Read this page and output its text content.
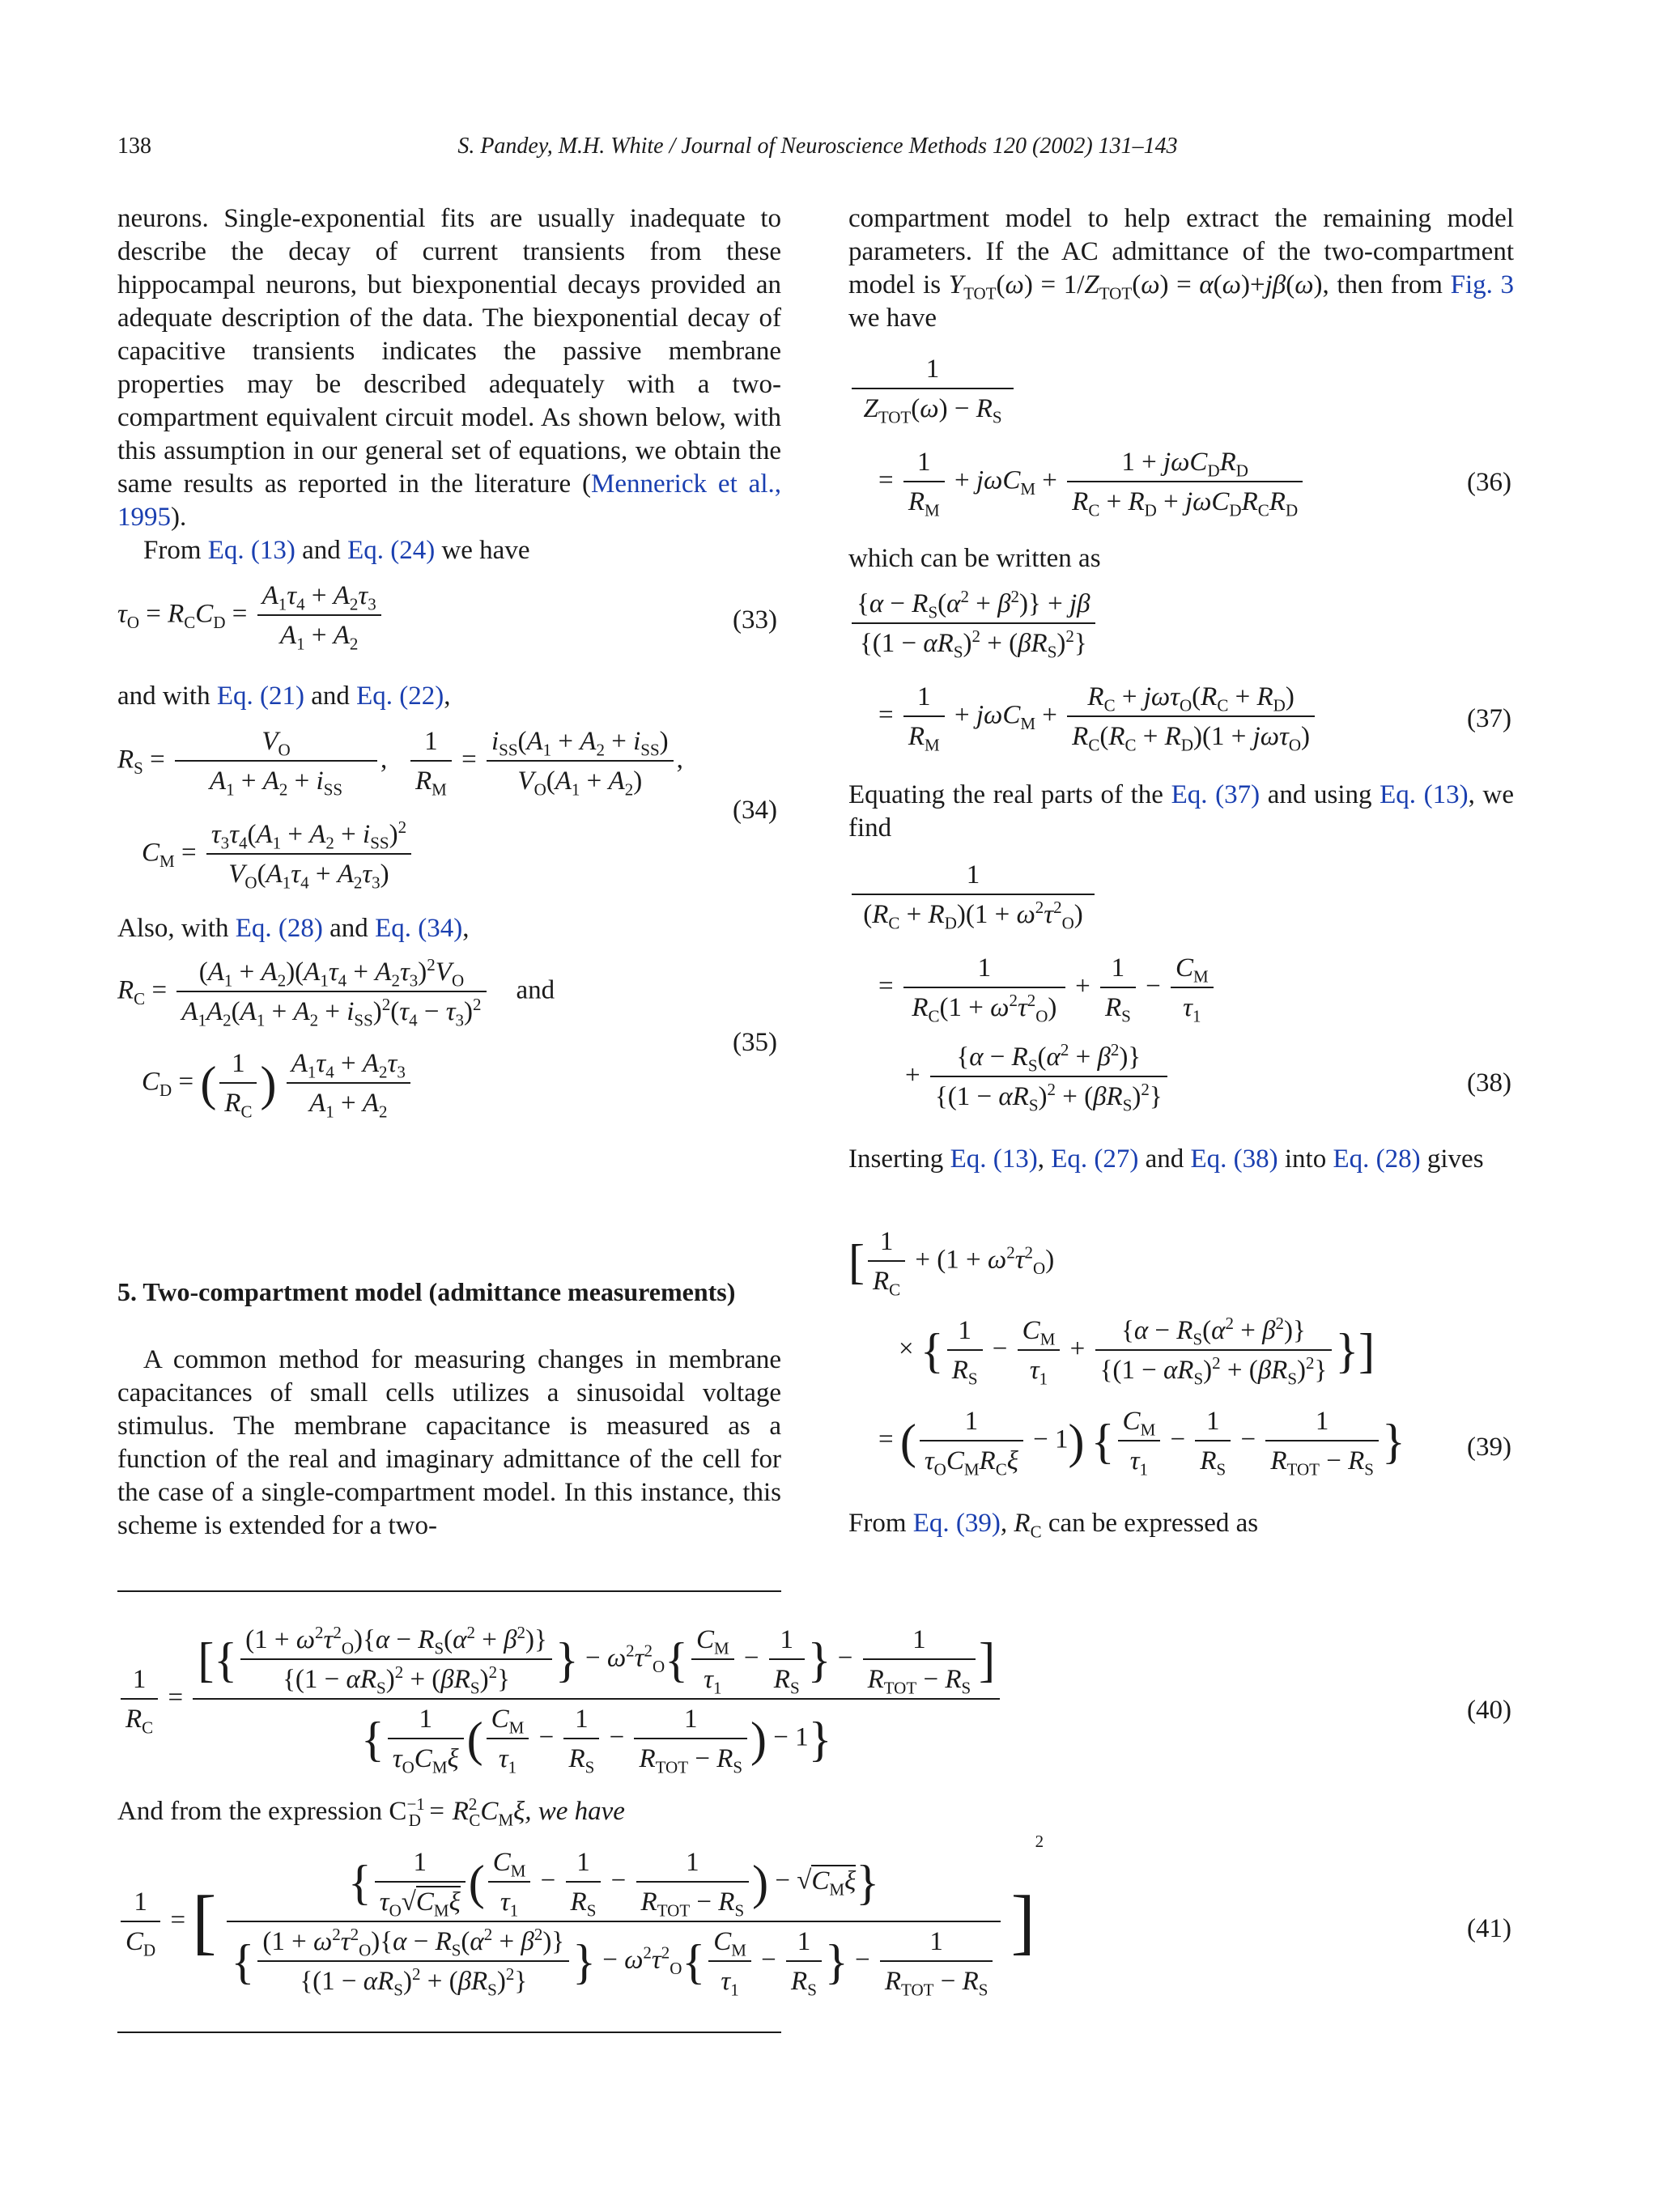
138	S. Pandey, M.H. White / Journal of Neuroscience Methods 120 (2002) 131–143

neurons. Single-exponential fits are usually inadequate to describe the decay of current transients from these hippocampal neurons, but biexponential decays provided an adequate description of the data. The biexponential decay of capacitive transients indicates the passive membrane properties may be described adequately with a two-compartment equivalent circuit model. As shown below, with this assumption in our general set of equations, we obtain the same results as reported in the literature (Mennerick et al., 1995).

From Eq. (13) and Eq. (24) we have
$\tau_O = R_CC_D = \frac{A_1\tau_4 + A_2\tau_3}{A_1 + A_2}$	(33)
and with Eq. (21) and Eq. (22),
$R_S = \frac{V_O}{A_1 + A_2 + i_{SS}}$ , $\frac{1}{R_M} = \frac{i_{SS}(A_1 + A_2 + i_{SS})}{V_O(A_1 + A_2)}$ ,
$C_M = \frac{\tau_3\tau_4(A_1 + A_2 + i_{SS})^2}{V_O(A_1\tau_4 + A_2\tau_3)}$
(34)
Also, with Eq. (28) and Eq. (34),
$R_C = \frac{(A_1 + A_2)(A_1\tau_4 + A_2\tau_3)^2V_O}{A_1A_2(A_1 + A_2 + i_{SS})^2(\tau_4 - \tau_3)^2}$ and
$C_D$ = ( $\frac{1}{R_C}$ ) $\frac{A_1\tau_4 + A_2\tau_3}{A_1 + A_2}$
(35)
5. Two-compartment model (admittance measurements)
A common method for measuring changes in membrane capacitances of small cells utilizes a sinusoidal voltage stimulus. The membrane capacitance is measured as a function of the real and imaginary admittance of the cell for the case of a single-compartment model. In this instance, this scheme is extended for a two-
compartment model to help extract the remaining model parameters. If the AC admittance of the two-compartment model is $Y_{TOT}(\omega) = 1/Z_{TOT}(\omega) = \alpha(\omega)+j\beta(\omega)$, then from Fig. 3 we have
$\frac{1}{Z_{TOT}(\omega) - R_S}$
= $\frac{1}{R_M} + j\omega C_M + \frac{1 + j\omega C_DR_D}{R_C + R_D + j\omega C_DR_CR_D}$	(36)
which can be written as
$\frac{\{\alpha - R_S(\alpha^2 + \beta^2)\} + j\beta}{\{(1 - \alpha R_S)^2 + (\beta R_S)^2\}}$
= $\frac{1}{R_M} + j\omega C_M + \frac{R_C + j\omega\tau_O(R_C + R_D)}{R_C(R_C + R_D)(1 + j\omega\tau_O)}$	(37)
Equating the real parts of the Eq. (37) and using Eq. (13), we find
$\frac{1}{(R_C + R_D)(1 + \omega^2\tau^2_O)}$
= $\frac{1}{R_C(1 + \omega^2\tau^2_O)} + \frac{1}{R_S} - \frac{C_M}{\tau_1}$
+ $\frac{\{\alpha - R_S(\alpha^2 + \beta^2)\}}{\{(1 - \alpha R_S)^2 + (\beta R_S)^2\}}$	(38)
Inserting Eq. (13), Eq. (27) and Eq. (38) into Eq. (28) gives
[ $\frac{1}{R_C} + (1 + \omega^2\tau^2_O)$
× { $\frac{1}{R_S} - \frac{C_M}{\tau_1} + \frac{\{\alpha - R_S(\alpha^2 + \beta^2)\}}{\{(1 - \alpha R_S)^2 + (\beta R_S)^2\}}$ }]
= ( $\frac{1}{\tau_OC_MR_C\xi} - 1$) { $\frac{C_M}{\tau_1} - \frac{1}{R_S} - \frac{1}{R_{TOT} - R_S}$ } (39)
From Eq. (39), $R_C$ can be expressed as
$\frac{1}{R_C}$ =
[{ $\frac{(1 + \omega^2\tau^2_O)\{\alpha - R_S(\alpha^2 + \beta^2)\}}{\{(1 - \alpha R_S)^2 + (\beta R_S)^2\}}$ } − $\omega^2\tau^2_O\{ \frac{C_M}{\tau_1} - \frac{1}{R_S}$ } − $\frac{1}{R_{TOT} - R_S}$ ]
{ $\frac{1}{\tau_OC_M\xi}$ ( $\frac{C_M}{\tau_1} - \frac{1}{R_S} - \frac{1}{R_{TOT} - R_S}$ ) − 1}
(40)
And from the expression $C^{-1}_D = R^2_CC_M\xi$, we have
$\frac{1}{C_D}$ = [	{ $\frac{1}{\tau_O√C_M\xi}$ ( $\frac{C_M}{\tau_1} - \frac{1}{R_S} - \frac{1}{R_{TOT} - R_S}$ ) − $√C_M\xi$}
{ $\frac{(1 + \omega^2\tau^2_O)\{\alpha - R_S(\alpha^2 + \beta^2)\}}{\{(1 - \alpha R_S)^2 + (\beta R_S)^2\}}$ } − $\omega^2\tau^2_O\{ \frac{C_M}{\tau_1} - \frac{1}{R_S}$ } − $\frac{1}{R_{TOT} - R_S} ]^2$
(41)
